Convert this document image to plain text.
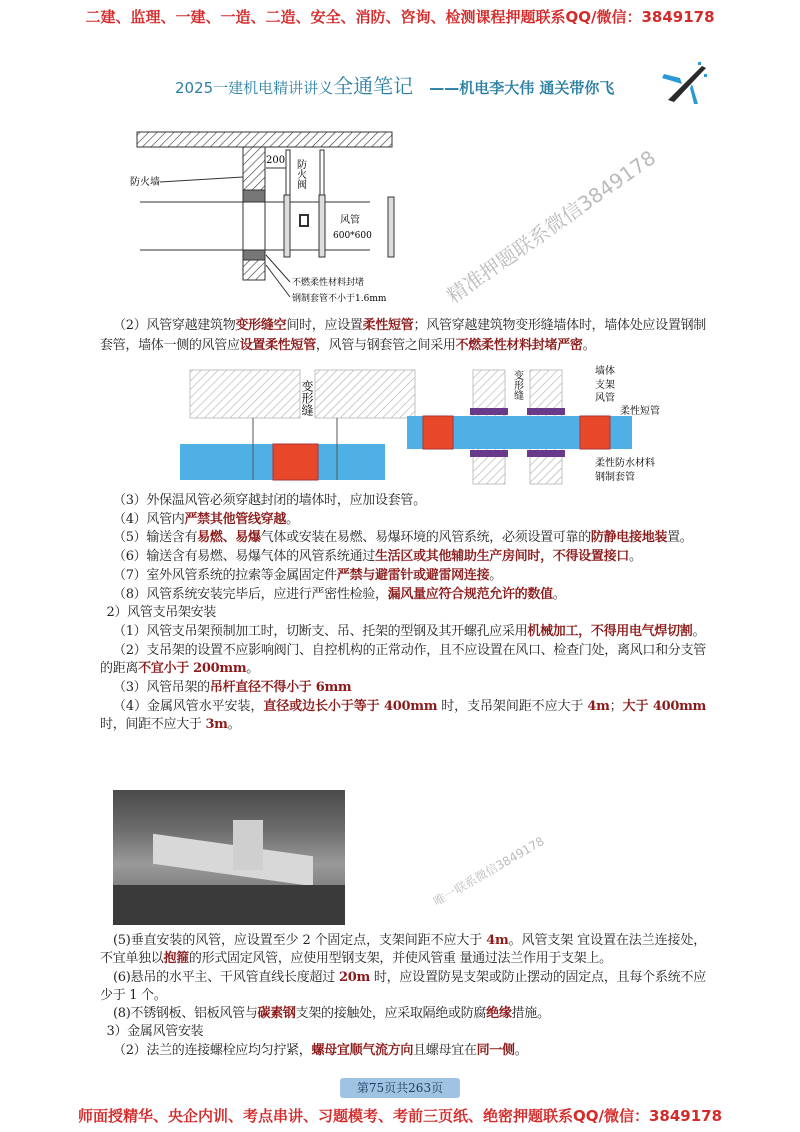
二建、监理、一建、一造、二造、安全、消防、咨询、检测课程押题联系QQ/微信：3849178
2025一建机电精讲讲义全通笔记 ——机电李大伟 通关带你飞
200
防火墙	防火阀
风管
600*600
不燃柔性材料封堵
钢制套管不小于1.6mm

（2）风管穿越建筑物变形缝空间时，应设置柔性短管；风管穿越建筑物变形缝墙体时，墙体处应设置钢制套管，墙体一侧的风管应设置柔性短管，风管与钢套管之间采用不燃柔性材料封堵严密。

变形缝	变形缝	墙体
支架
风管
柔性短管
柔性防水材料
钢制套管

（3）外保温风管必须穿越封闭的墙体时，应加设套管。

（4）风管内严禁其他管线穿越。

（5）输送含有易燃、易爆气体或安装在易燃、易爆环境的风管系统，必须设置可靠的防静电接地装置。

（6）输送含有易燃、易爆气体的风管系统通过生活区或其他辅助生产房间时，不得设置接口。

（7）室外风管系统的拉索等金属固定件严禁与避雷针或避雷网连接。

（8）风管系统安装完毕后，应进行严密性检验，漏风量应符合规范允许的数值。

2）风管支吊架安装

（1）风管支吊架预制加工时，切断支、吊、托架的型钢及其开螺孔应采用机械加工，不得用电气焊切割。

（2）支吊架的设置不应影响阀门、自控机构的正常动作，且不应设置在风口、检查门处，离风口和分支管的距离不宜小于 200mm。

（3）风管吊架的吊杆直径不得小于 6mm

（4）金属风管水平安装，直径或边长小于等于 400mm 时，支吊架间距不应大于 4m；大于 400mm 时，间距不应大于 3m。

(5)垂直安装的风管，应设置至少 2 个固定点，支架间距不应大于 4m。风管支架 宜设置在法兰连接处，不宜单独以抱箍的形式固定风管，应使用型钢支架，并使风管重 量通过法兰作用于支架上。

(6)悬吊的水平主、干风管直线长度超过 20m 时，应设置防晃支架或防止摆动的固定点，且每个系统不应少于 1 个。

(8)不锈钢板、铝板风管与碳素钢支架的接触处，应采取隔绝或防腐绝缘措施。

3）金属风管安装

（2）法兰的连接螺栓应均匀拧紧，螺母宜顺气流方向且螺母宜在同一侧。

精准押题联系微信3849178
唯一联系微信3849178
第75页共263页
师面授精华、央企内训、考点串讲、习题模考、考前三页纸、绝密押题联系QQ/微信：3849178
